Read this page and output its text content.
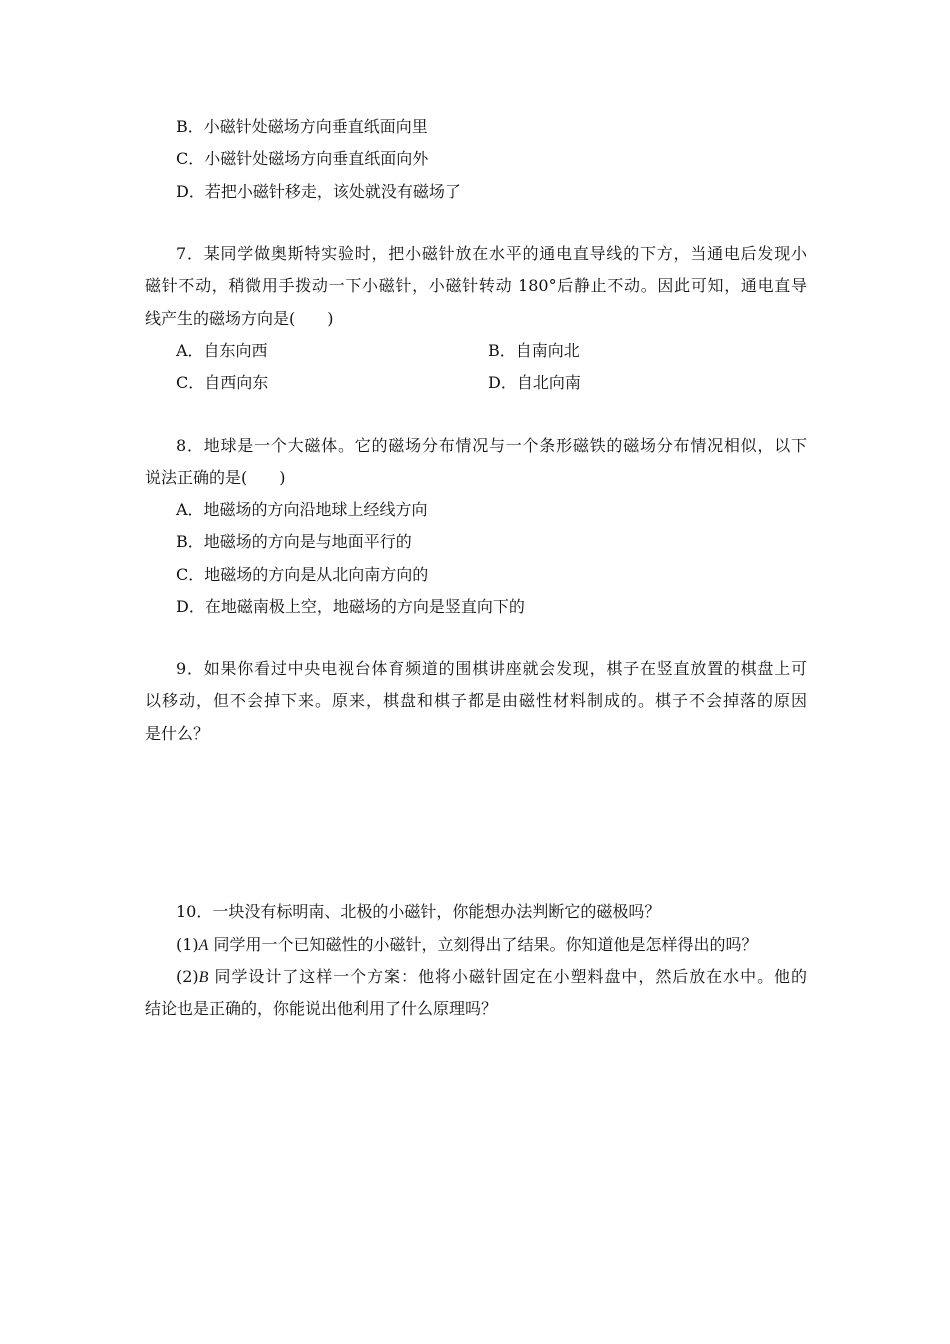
B．小磁针处磁场方向垂直纸面向里
C．小磁针处磁场方向垂直纸面向外
D．若把小磁针移走，该处就没有磁场了
7．某同学做奥斯特实验时，把小磁针放在水平的通电直导线的下方，当通电后发现小
磁针不动，稍微用手拨动一下小磁针，小磁针转动 180°后静止不动。因此可知，通电直导
线产生的磁场方向是(　　)
A．自东向西	B．自南向北
C．自西向东	D．自北向南
8．地球是一个大磁体。它的磁场分布情况与一个条形磁铁的磁场分布情况相似，以下
说法正确的是(　　)
A．地磁场的方向沿地球上经线方向
B．地磁场的方向是与地面平行的
C．地磁场的方向是从北向南方向的
D．在地磁南极上空，地磁场的方向是竖直向下的
9．如果你看过中央电视台体育频道的围棋讲座就会发现，棋子在竖直放置的棋盘上可
以移动，但不会掉下来。原来，棋盘和棋子都是由磁性材料制成的。棋子不会掉落的原因
是什么？
10．一块没有标明南、北极的小磁针，你能想办法判断它的磁极吗？
(1)A 同学用一个已知磁性的小磁针，立刻得出了结果。你知道他是怎样得出的吗？
(2)B 同学设计了这样一个方案：他将小磁针固定在小塑料盘中，然后放在水中。他的
结论也是正确的，你能说出他利用了什么原理吗？
